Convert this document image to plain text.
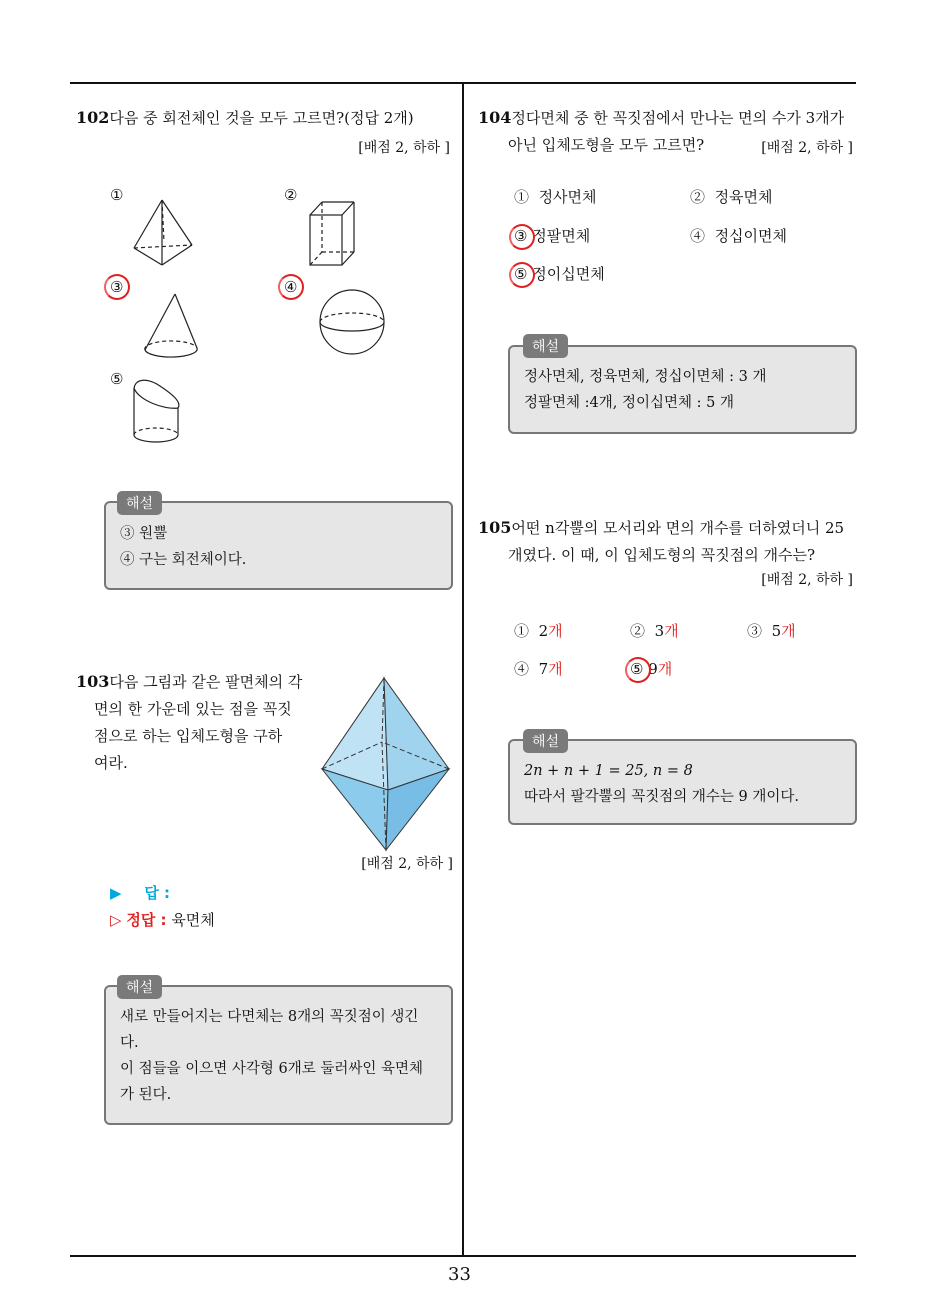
33
102다음 중 회전체인 것을 모두 고르면?(정답 2개)
[배점 2, 하하 ]
①	②
③	④
⑤
③ 원뿔
④ 구는 회전체이다.
해설
103다음 그림과 같은 팔면체의 각
면의 한 가운데 있는 점을 꼭짓
점으로 하는 입체도형을 구하
여라.
[배점 2, 하하 ]
▶ 답 :
▷ 정답 : 육면체
새로 만들어지는 다면체는 8개의 꼭짓점이 생긴
다.
이 점들을 이으면 사각형 6개로 둘러싸인 육면체
가 된다.
해설
104정다면체 중 한 꼭짓점에서 만나는 면의 수가 3개가
아닌 입체도형을 모두 고르면?	[배점 2, 하하 ]
① 정사면체	② 정육면체
③ 정팔면체	④ 정십이면체
⑤ 정이십면체
정사면체, 정육면체, 정십이면체 : 3 개
정팔면체 :4개, 정이십면체 : 5 개
해설
105어떤 n각뿔의 모서리와 면의 개수를 더하였더니 25
개였다. 이 때, 이 입체도형의 꼭짓점의 개수는?
[배점 2, 하하 ]
① 2개	② 3개	③ 5개
④ 7개	⑤ 9개
2n + n + 1 = 25, n = 8
따라서 팔각뿔의 꼭짓점의 개수는 9 개이다.
해설
